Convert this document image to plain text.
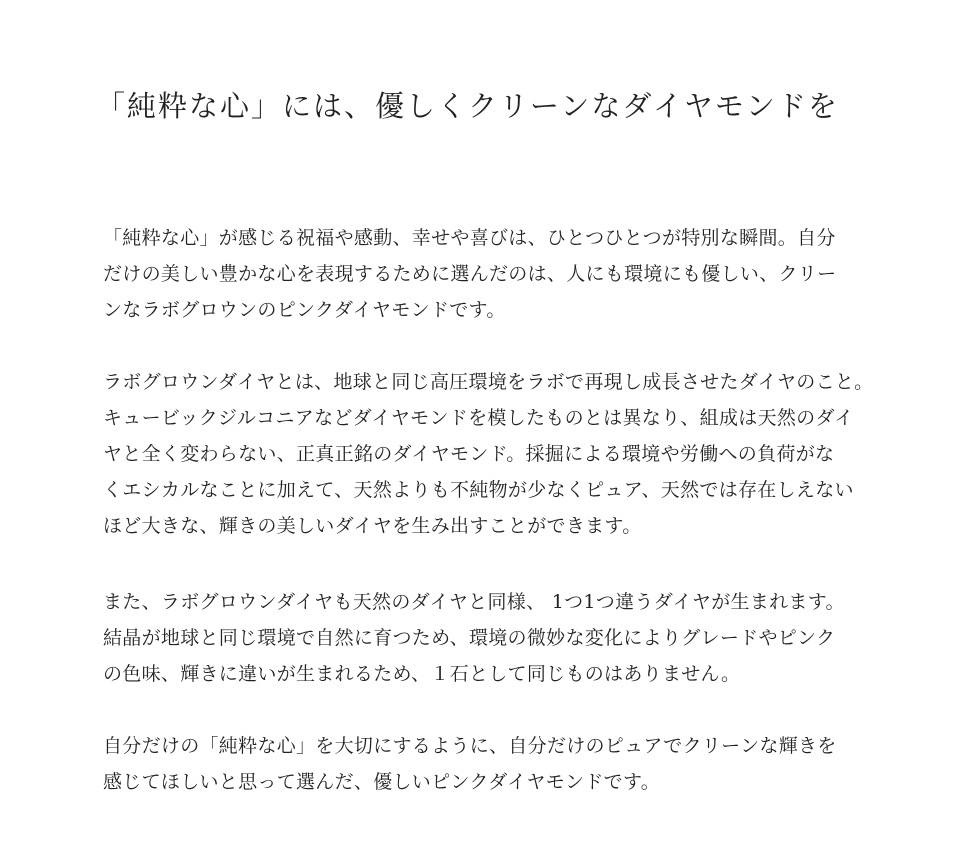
「純粋な心」には、優しくクリーンなダイヤモンドを
「純粋な心」が感じる祝福や感動、幸せや喜びは、ひとつひとつが特別な瞬間。自分
だけの美しい豊かな心を表現するために選んだのは、人にも環境にも優しい、クリー
ンなラボグロウンのピンクダイヤモンドです。
ラボグロウンダイヤとは、地球と同じ高圧環境をラボで再現し成長させたダイヤのこと。
キュービックジルコニアなどダイヤモンドを模したものとは異なり、組成は天然のダイ
ヤと全く変わらない、正真正銘のダイヤモンド。採掘による環境や労働への負荷がな
くエシカルなことに加えて、天然よりも不純物が少なくピュア、天然では存在しえない
ほど大きな、輝きの美しいダイヤを生み出すことができます。
また、ラボグロウンダイヤも天然のダイヤと同様、 1つ1つ違うダイヤが生まれます。
結晶が地球と同じ環境で自然に育つため、環境の微妙な変化によりグレードやピンク
の色味、輝きに違いが生まれるため、１石として同じものはありません。
自分だけの「純粋な心」を大切にするように、自分だけのピュアでクリーンな輝きを
感じてほしいと思って選んだ、優しいピンクダイヤモンドです。
